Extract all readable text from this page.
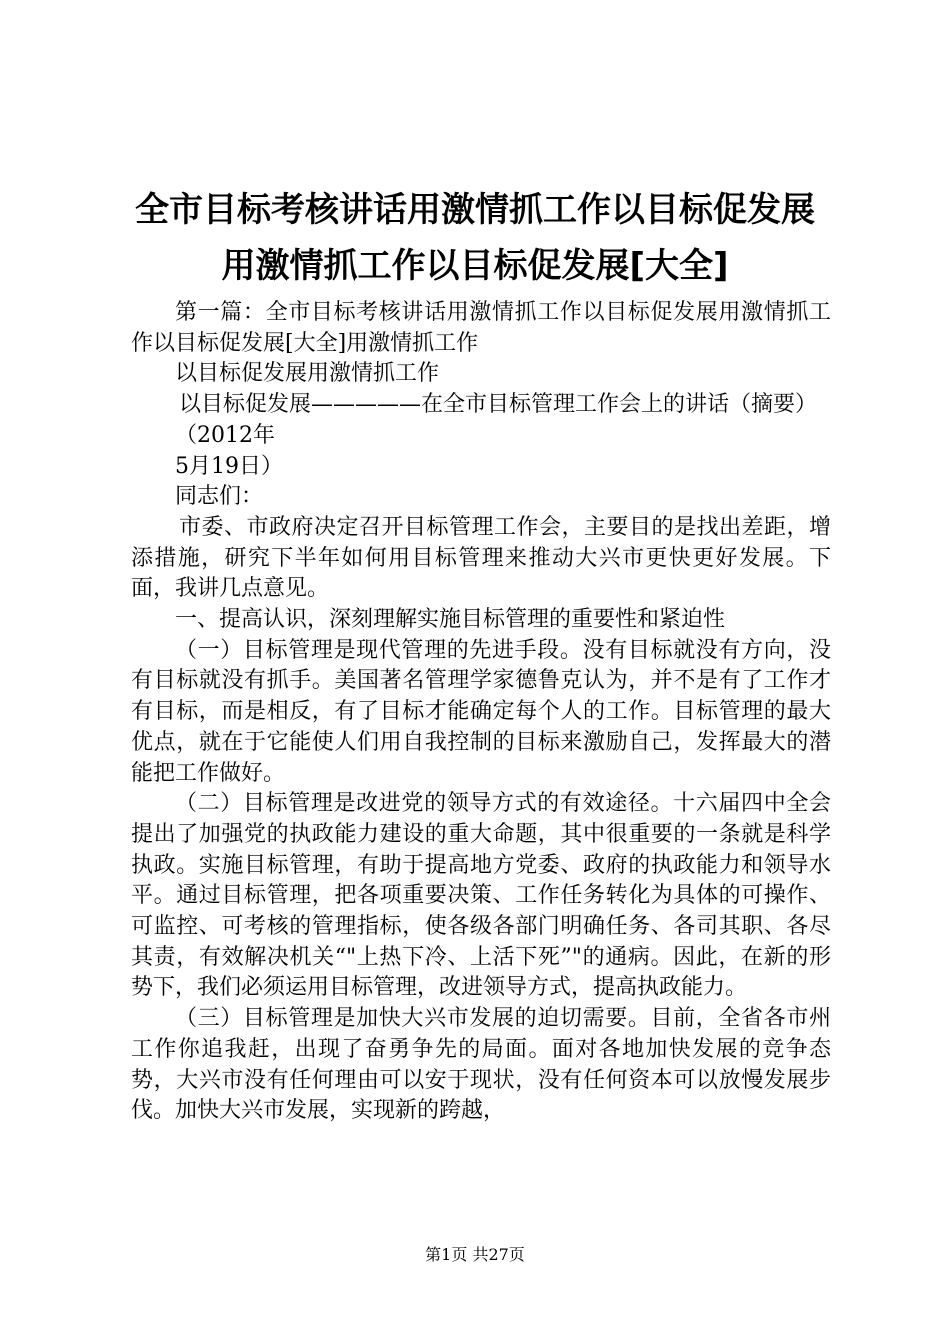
全市目标考核讲话用激情抓工作以目标促发展
用激情抓工作以目标促发展[大全]

第一篇：全市目标考核讲话用激情抓工作以目标促发展用激情抓工作以目标促发展[大全]用激情抓工作

以目标促发展用激情抓工作

以目标促发展—————在全市目标管理工作会上的讲话（摘要）

（2012年

5月19日）

同志们：

市委、市政府决定召开目标管理工作会，主要目的是找出差距，增添措施，研究下半年如何用目标管理来推动大兴市更快更好发展。下面，我讲几点意见。

一、提高认识，深刻理解实施目标管理的重要性和紧迫性

（一）目标管理是现代管理的先进手段。没有目标就没有方向，没有目标就没有抓手。美国著名管理学家德鲁克认为，并不是有了工作才有目标，而是相反，有了目标才能确定每个人的工作。目标管理的最大优点，就在于它能使人们用自我控制的目标来激励自己，发挥最大的潜能把工作做好。

（二）目标管理是改进党的领导方式的有效途径。十六届四中全会提出了加强党的执政能力建设的重大命题，其中很重要的一条就是科学执政。实施目标管理，有助于提高地方党委、政府的执政能力和领导水平。通过目标管理，把各项重要决策、工作任务转化为具体的可操作、可监控、可考核的管理指标，使各级各部门明确任务、各司其职、各尽其责，有效解决机关“"上热下冷、上活下死”"的通病。因此，在新的形势下，我们必须运用目标管理，改进领导方式，提高执政能力。

（三）目标管理是加快大兴市发展的迫切需要。目前，全省各市州工作你追我赶，出现了奋勇争先的局面。面对各地加快发展的竞争态势，大兴市没有任何理由可以安于现状，没有任何资本可以放慢发展步伐。加快大兴市发展，实现新的跨越，

第1页 共27页
